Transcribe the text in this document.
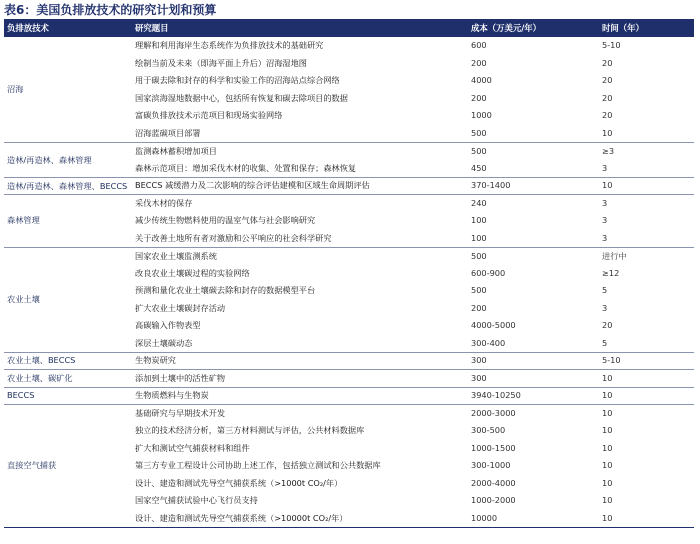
表6：美国负排放技术的研究计划和预算
负排放技术	研究题目	成本（万美元/年）	时间（年）
沼海	理解和利用海岸生态系统作为负排放技术的基础研究	600	5-10
	绘制当前及未来（即海平面上升后）沼海湿地图	200	20
	用于碳去除和封存的科学和实验工作的沼海站点综合网络	4000	20
	国家滨海湿地数据中心，包括所有恢复和碳去除项目的数据	200	20
	富碳负排放技术示范项目和现场实验网络	1000	20
	沼海蓝碳项目部署	500	10
造林/再造林、森林管理	监测森林蓄积增加项目	500	≥3
	森林示范项目：增加采伐木材的收集、处置和保存；森林恢复	450	3
造林/再造林、森林管理、BECCS	BECCS 减缓潜力及二次影响的综合评估建模和区域生命周期评估	370-1400	10
森林管理	采伐木材的保存	240	3
	减少传统生物燃料使用的温室气体与社会影响研究	100	3
	关于改善土地所有者对激励和公平响应的社会科学研究	100	3
农业土壤	国家农业土壤监测系统	500	进行中
	改良农业土壤碳过程的实验网络	600-900	≥12
	预测和量化农业土壤碳去除和封存的数据模型平台	500	5
	扩大农业土壤碳封存活动	200	3
	高碳输入作物表型	4000-5000	20
	深层土壤碳动态	300-400	5
农业土壤、BECCS	生物炭研究	300	5-10
农业土壤、碳矿化	添加到土壤中的活性矿物	300	10
BECCS	生物质燃料与生物炭	3940-10250	10
直接空气捕获	基础研究与早期技术开发	2000-3000	10
	独立的技术经济分析，第三方材料测试与评估，公共材料数据库	300-500	10
	扩大和测试空气捕获材料和组件	1000-1500	10
	第三方专业工程设计公司协助上述工作，包括独立测试和公共数据库	300-1000	10
	设计、建造和测试先导空气捕获系统（>1000t CO₂/年）	2000-4000	10
	国家空气捕获试验中心飞行员支持	1000-2000	10
	设计、建造和测试先导空气捕获系统（>10000t CO₂/年）	10000	10
